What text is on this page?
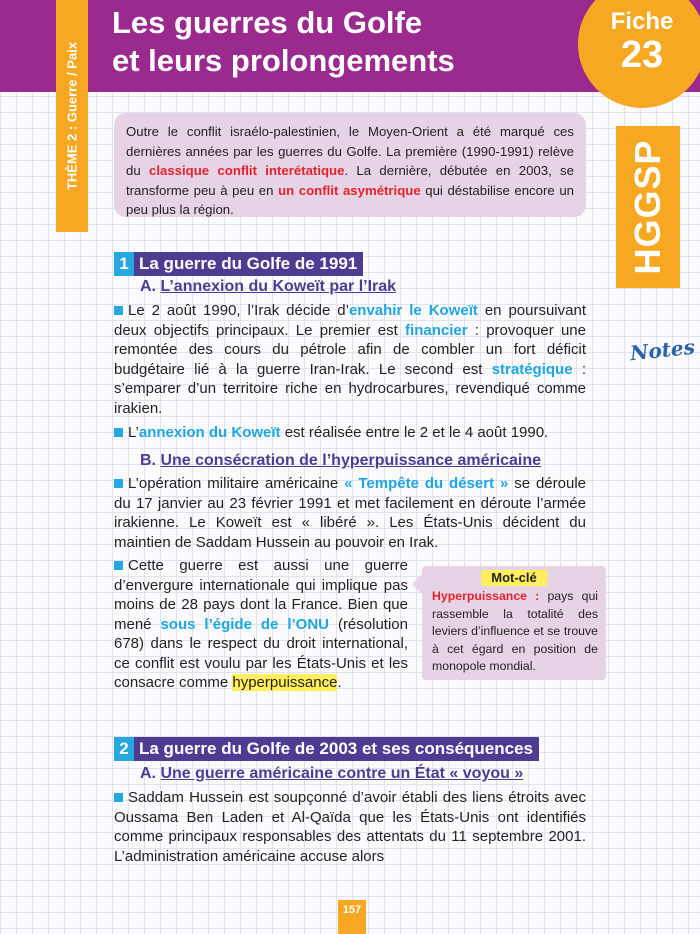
THÈME 2 : Guerre / Paix
Les guerres du Golfe
et leurs prolongements
Fiche
23
HGGSP
Notes
Outre le conflit israélo-palestinien, le Moyen-Orient a été marqué ces dernières années par les guerres du Golfe. La première (1990-1991) relève du classique conflit interétatique. La dernière, débutée en 2003, se transforme peu à peu en un conflit asymétrique qui déstabilise encore un peu plus la région.
1 La guerre du Golfe de 1991
A. L’annexion du Koweït par l’Irak

Le 2 août 1990, l’Irak décide d’envahir le Koweït en poursuivant deux objectifs principaux. Le premier est financier : provoquer une remontée des cours du pétrole afin de combler un fort déficit budgétaire lié à la guerre Iran-Irak. Le second est stratégique : s’emparer d’un territoire riche en hydrocarbures, revendiqué comme irakien.

L’annexion du Koweït est réalisée entre le 2 et le 4 août 1990.

B. Une consécration de l’hyperpuissance américaine

L’opération militaire américaine « Tempête du désert » se déroule du 17 janvier au 23 février 1991 et met facilement en déroute l’armée irakienne. Le Koweït est « libéré ». Les États-Unis décident du maintien de Saddam Hussein au pouvoir en Irak.

Cette guerre est aussi une guerre d’envergure internationale qui implique pas moins de 28 pays dont la France. Bien que mené sous l’égide de l’ONU (résolution 678) dans le respect du droit international, ce conflit est voulu par les États-Unis et les consacre comme hyperpuissance.

Mot-clé
Hyperpuissance : pays qui rassemble la totalité des leviers d’influence et se trouve à cet égard en position de monopole mondial.
2 La guerre du Golfe de 2003 et ses conséquences
A. Une guerre américaine contre un État « voyou »

Saddam Hussein est soupçonné d’avoir établi des liens étroits avec Oussama Ben Laden et Al-Qaïda que les États-Unis ont identifiés comme principaux responsables des attentats du 11 septembre 2001. L’administration américaine accuse alors

157
